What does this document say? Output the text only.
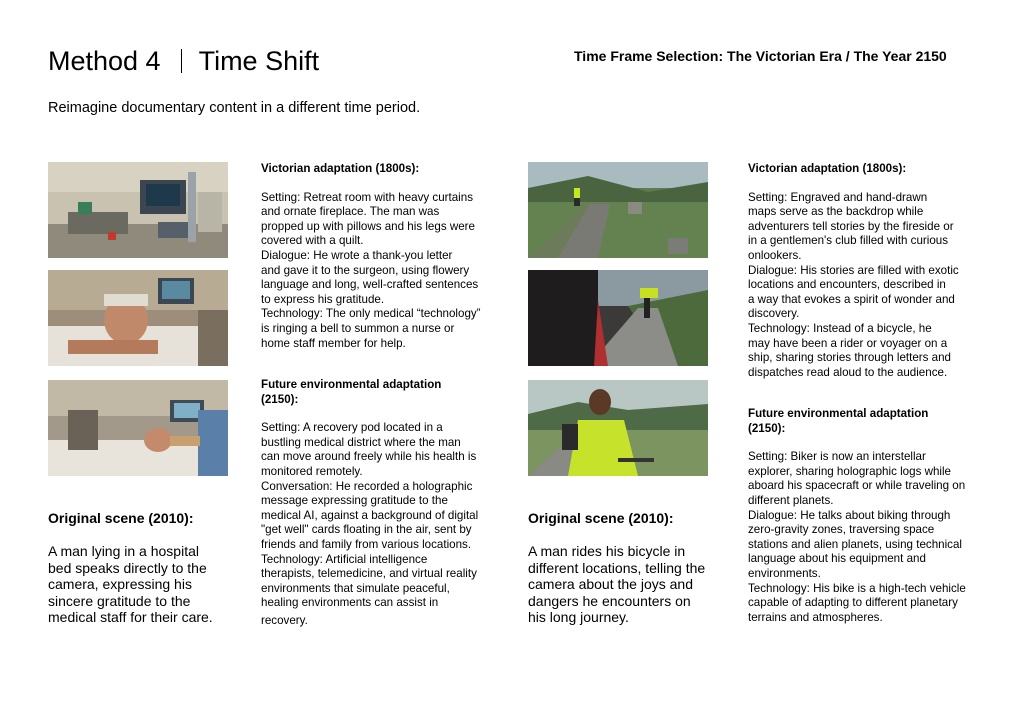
Method 4 Time Shift	Time Frame Selection: The Victorian Era / The Year 2150
Reimagine documentary content in a different time period.
Victorian adaptation (1800s):
Setting: Retreat room with heavy curtains
and ornate fireplace. The man was
propped up with pillows and his legs were
covered with a quilt.
Dialogue: He wrote a thank-you letter
and gave it to the surgeon, using flowery
language and long, well-crafted sentences
to express his gratitude.
Technology: The only medical “technology”
is ringing a bell to summon a nurse or
home staff member for help.
Future environmental adaptation
(2150):
Setting: A recovery pod located in a
bustling medical district where the man
can move around freely while his health is
monitored remotely.
Conversation: He recorded a holographic
message expressing gratitude to the
medical AI, against a background of digital
"get well" cards floating in the air, sent by
friends and family from various locations.
Technology: Artificial intelligence
therapists, telemedicine, and virtual reality
environments that simulate peaceful,
healing environments can assist in
recovery.
Original scene (2010):
A man lying in a hospital
bed speaks directly to the
camera, expressing his
sincere gratitude to the
medical staff for their care.
Victorian adaptation (1800s):
Setting: Engraved and hand-drawn
maps serve as the backdrop while
adventurers tell stories by the fireside or
in a gentlemen's club filled with curious
onlookers.
Dialogue: His stories are filled with exotic
locations and encounters, described in
a way that evokes a spirit of wonder and
discovery.
Technology: Instead of a bicycle, he
may have been a rider or voyager on a
ship, sharing stories through letters and
dispatches read aloud to the audience.
Future environmental adaptation
(2150):
Setting: Biker is now an interstellar
explorer, sharing holographic logs while
aboard his spacecraft or while traveling on
different planets.
Dialogue: He talks about biking through
zero-gravity zones, traversing space
stations and alien planets, using technical
language about his equipment and
environments.
Technology: His bike is a high-tech vehicle
capable of adapting to different planetary
terrains and atmospheres.
Original scene (2010):
A man rides his bicycle in
different locations, telling the
camera about the joys and
dangers he encounters on
his long journey.
